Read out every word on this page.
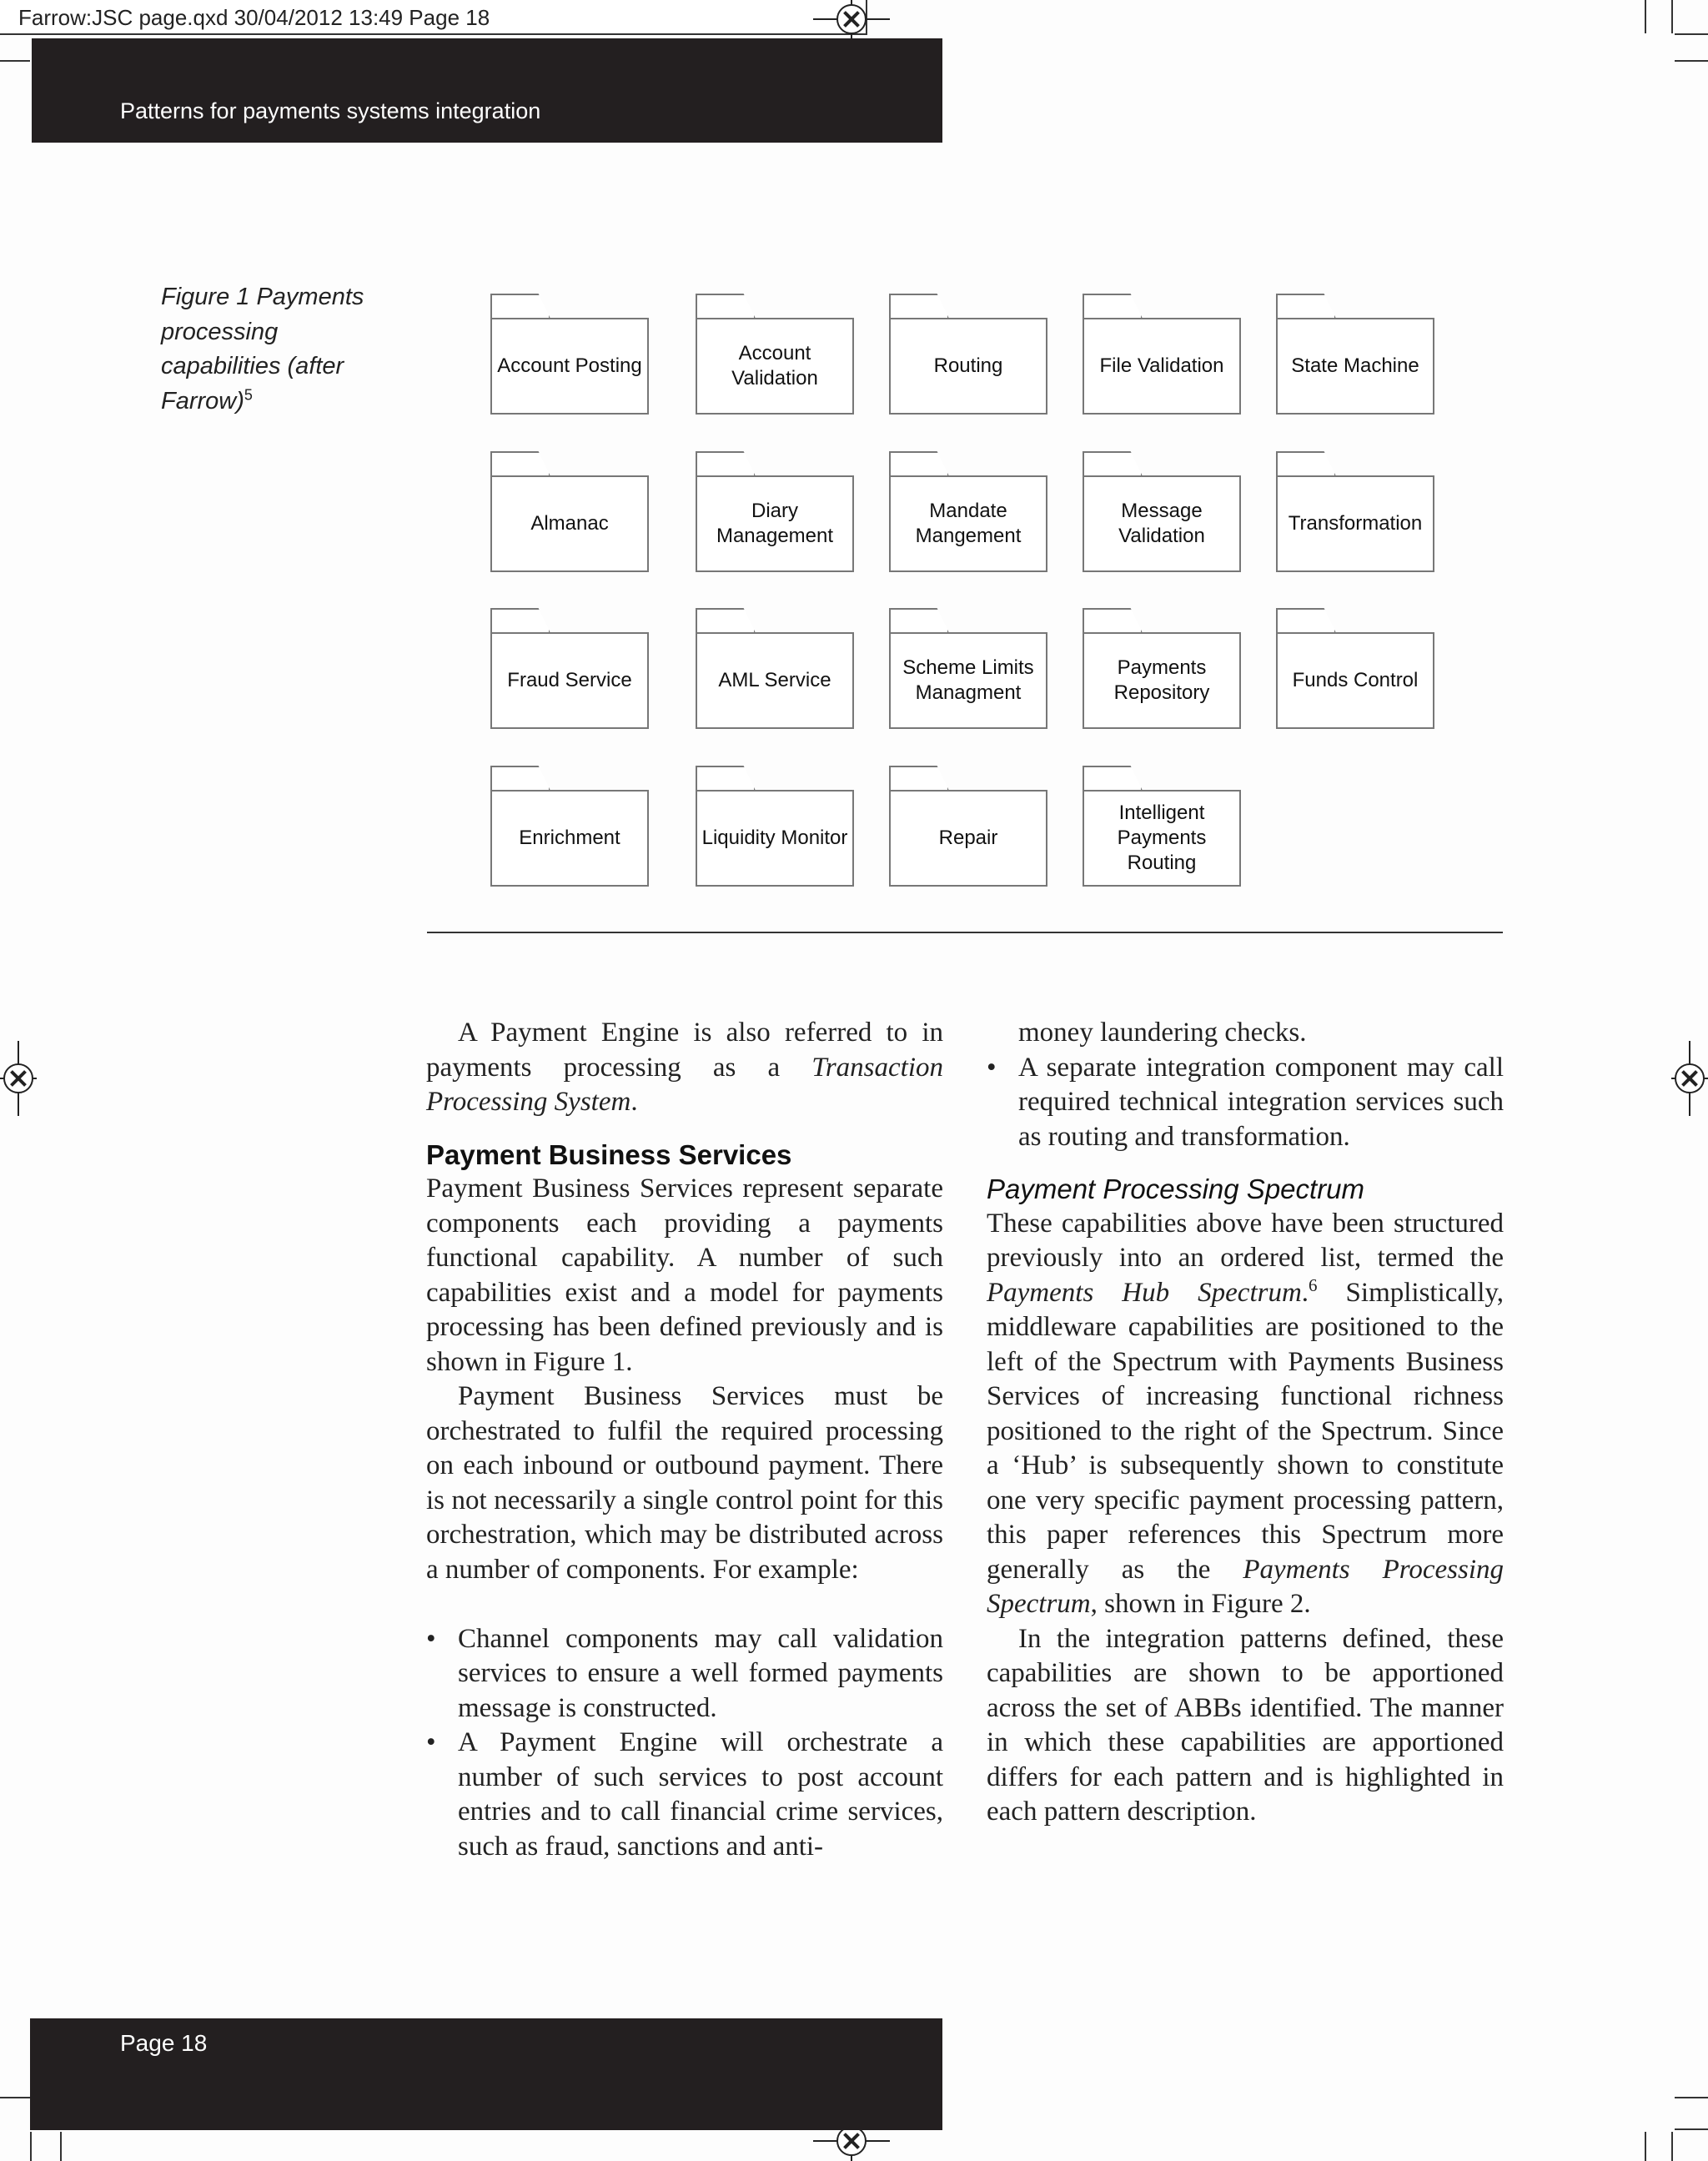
Farrow:JSC page.qxd 30/04/2012 13:49 Page 18
Patterns for payments systems integration
Figure 1 Payments processing capabilities (after Farrow)$^5$
Account Posting
Account
Validation
Routing	File Validation	State Machine
Almanac
Diary
Management
Mandate
Mangement
Message
Validation
Transformation
Fraud Service	AML Service
Scheme Limits
Managment
Payments
Repository
Funds Control
Enrichment	Liquidity Monitor	Repair
Intelligent
Payments
Routing

A Payment Engine is also referred to in payments processing as a Transaction Processing System.

Payment Business Services

Payment Business Services represent separate components each providing a payments functional capability. A number of such capabilities exist and a model for payments processing has been defined previously and is shown in Figure 1.

Payment Business Services must be orchestrated to fulfil the required processing on each inbound or outbound payment. There is not necessarily a single control point for this orchestration, which may be distributed across a number of components. For example:

• Channel components may call validation services to ensure a well formed payments message is constructed.
• A Payment Engine will orchestrate a number of such services to post account entries and to call financial crime services, such as fraud, sanctions and anti-

money laundering checks.

• A separate integration component may call required technical integration services such as routing and transformation.
Payment Processing Spectrum

These capabilities above have been structured previously into an ordered list, termed the Payments Hub Spectrum.$^6$ Simplistically, middleware capabilities are positioned to the left of the Spectrum with Payments Business Services of increasing functional richness positioned to the right of the Spectrum. Since a ‘Hub’ is subsequently shown to constitute one very specific payment processing pattern, this paper references this Spectrum more generally as the Payments Processing Spectrum, shown in Figure 2.

In the integration patterns defined, these capabilities are shown to be apportioned across the set of ABBs identified. The manner in which these capabilities are apportioned differs for each pattern and is highlighted in each pattern description.

Page 18
